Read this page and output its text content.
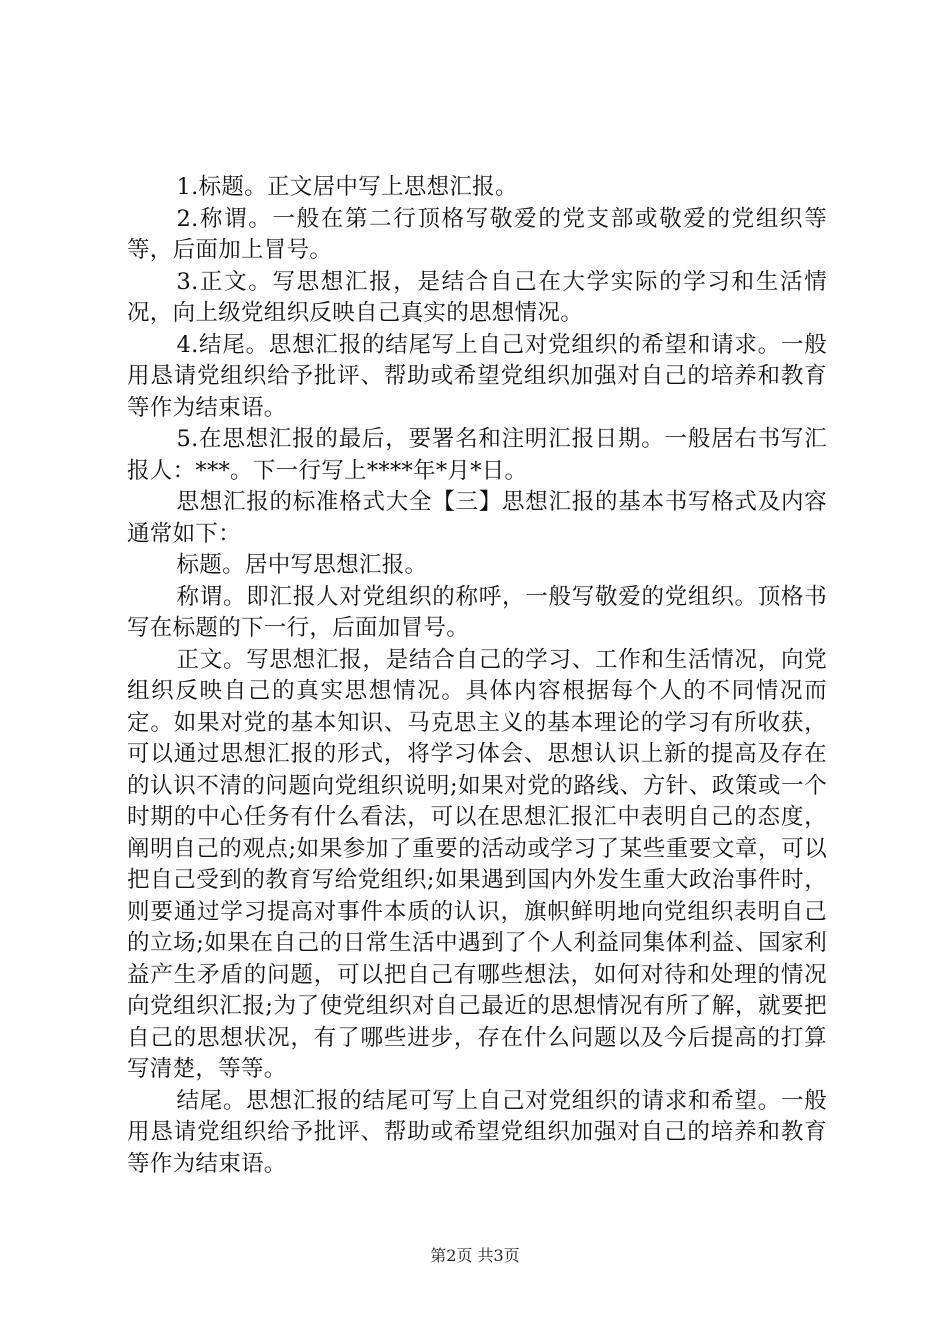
1.标题。正文居中写上思想汇报。

2.称谓。一般在第二行顶格写敬爱的党支部或敬爱的党组织等等，后面加上冒号。

3.正文。写思想汇报，是结合自己在大学实际的学习和生活情况，向上级党组织反映自己真实的思想情况。

4.结尾。思想汇报的结尾写上自己对党组织的希望和请求。一般用恳请党组织给予批评、帮助或希望党组织加强对自己的培养和教育等作为结束语。

5.在思想汇报的最后，要署名和注明汇报日期。一般居右书写汇报人：***。下一行写上****年*月*日。

思想汇报的标准格式大全【三】思想汇报的基本书写格式及内容通常如下：

标题。居中写思想汇报。

称谓。即汇报人对党组织的称呼，一般写敬爱的党组织。顶格书写在标题的下一行，后面加冒号。

正文。写思想汇报，是结合自己的学习、工作和生活情况，向党组织反映自己的真实思想情况。具体内容根据每个人的不同情况而定。如果对党的基本知识、马克思主义的基本理论的学习有所收获，可以通过思想汇报的形式，将学习体会、思想认识上新的提高及存在的认识不清的问题向党组织说明;如果对党的路线、方针、政策或一个时期的中心任务有什么看法，可以在思想汇报汇中表明自己的态度，阐明自己的观点;如果参加了重要的活动或学习了某些重要文章，可以把自己受到的教育写给党组织;如果遇到国内外发生重大政治事件时，则要通过学习提高对事件本质的认识，旗帜鲜明地向党组织表明自己的立场;如果在自己的日常生活中遇到了个人利益同集体利益、国家利益产生矛盾的问题，可以把自己有哪些想法，如何对待和处理的情况向党组织汇报;为了使党组织对自己最近的思想情况有所了解，就要把自己的思想状况，有了哪些进步，存在什么问题以及今后提高的打算写清楚，等等。

结尾。思想汇报的结尾可写上自己对党组织的请求和希望。一般用恳请党组织给予批评、帮助或希望党组织加强对自己的培养和教育等作为结束语。

第2页 共3页
